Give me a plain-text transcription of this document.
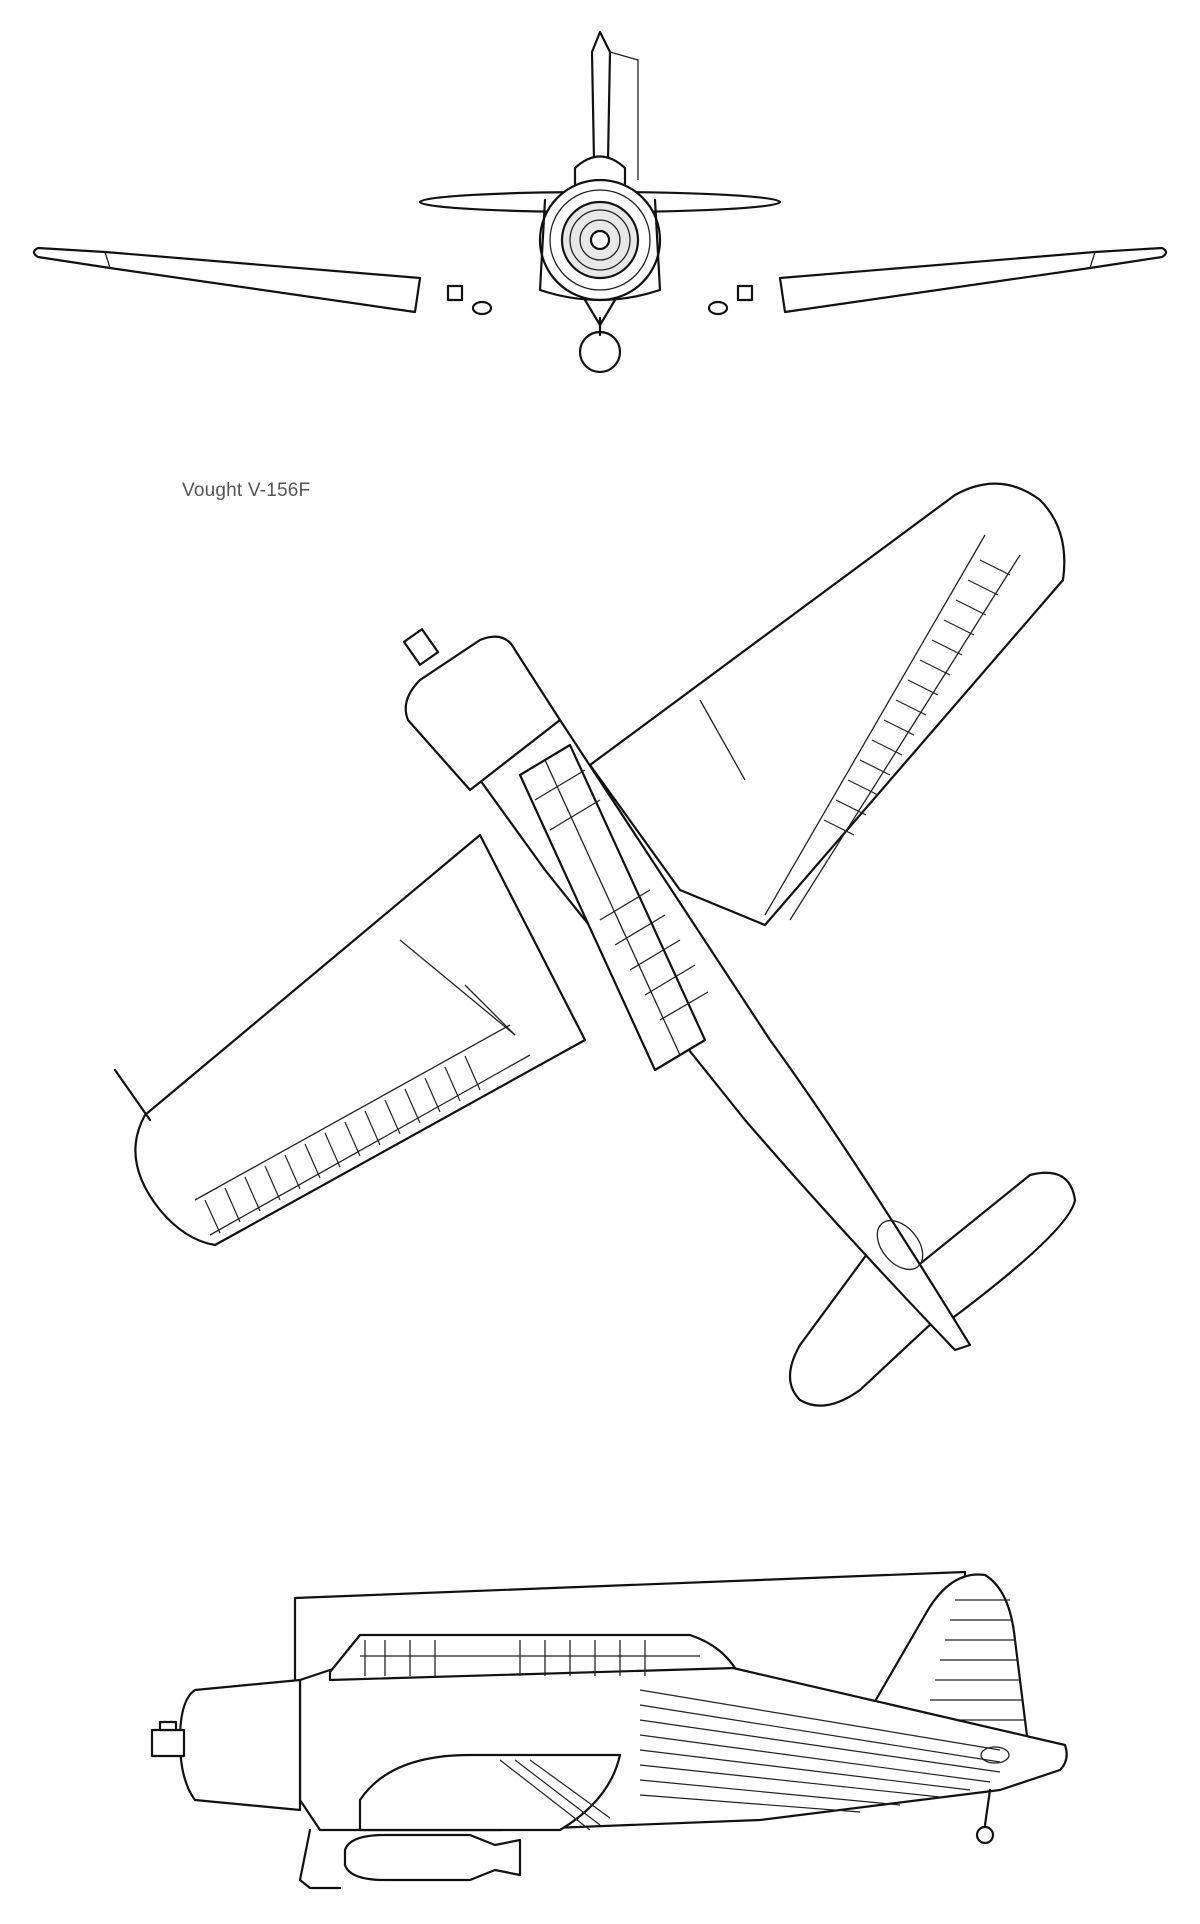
Vought V-156F
